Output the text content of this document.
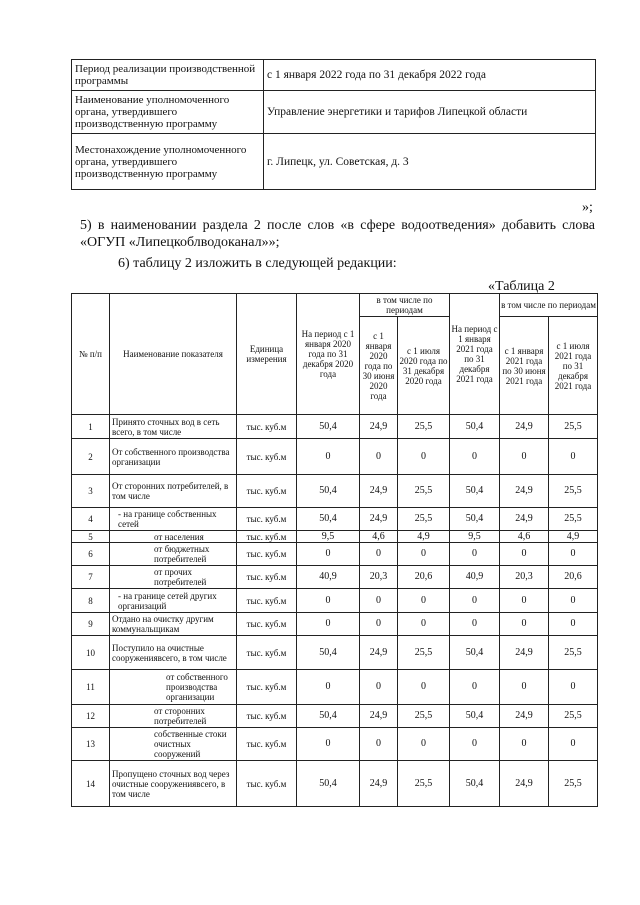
Период реализации производственной программы	с 1 января 2022 года по 31 декабря 2022 года
Наименование уполномоченного органа, утвердившего производственную программу	Управление энергетики и тарифов Липецкой области
Местонахождение уполномоченного органа, утвердившего производственную программу	г. Липецк, ул. Советская, д. 3
»;
5) в наименовании раздела 2 после слов «в сфере водоотведения» добавить слова «ОГУП «Липецкоблводоканал»»;
6) таблицу 2 изложить в следующей редакции:
«Таблица 2
№ п/п	Наименование показателя	Единица измерения	На период с 1 января 2020 года по 31 декабря 2020 года	в том числе по периодам		На период с 1 января 2021 года по 31 декабря 2021 года	в том числе по периодам	
				с 1 января 2020 года по 30 июня 2020 года	с 1 июля 2020 года по 31 декабря 2020 года		с 1 января 2021 года по 30 июня 2021 года	с 1 июля 2021 года по 31 декабря 2021 года
1	Принято сточных вод в сеть всего, в том числе	тыс. куб.м	50,4	24,9	25,5	50,4	24,9	25,5
2	От собственного производства организации	тыс. куб.м	0	0	0	0	0	0
3	От сторонних потребителей, в том числе	тыс. куб.м	50,4	24,9	25,5	50,4	24,9	25,5
4	- на границе собственных сетей	тыс. куб.м	50,4	24,9	25,5	50,4	24,9	25,5
5	от населения	тыс. куб.м	9,5	4,6	4,9	9,5	4,6	4,9
6	от бюджетных потребителей	тыс. куб.м	0	0	0	0	0	0
7	от прочих потребителей	тыс. куб.м	40,9	20,3	20,6	40,9	20,3	20,6
8	- на границе сетей других организаций	тыс. куб.м	0	0	0	0	0	0
9	Отдано на очистку другим коммунальщикам	тыс. куб.м	0	0	0	0	0	0
10	Поступило на очистные сооружениявсего, в том числе	тыс. куб.м	50,4	24,9	25,5	50,4	24,9	25,5
11	от собственного производства организации	тыс. куб.м	0	0	0	0	0	0
12	от сторонних потребителей	тыс. куб.м	50,4	24,9	25,5	50,4	24,9	25,5
13	собственные стоки очистных сооружений	тыс. куб.м	0	0	0	0	0	0
14	Пропущено сточных вод через очистные сооружениявсего, в том числе	тыс. куб.м	50,4	24,9	25,5	50,4	24,9	25,5
